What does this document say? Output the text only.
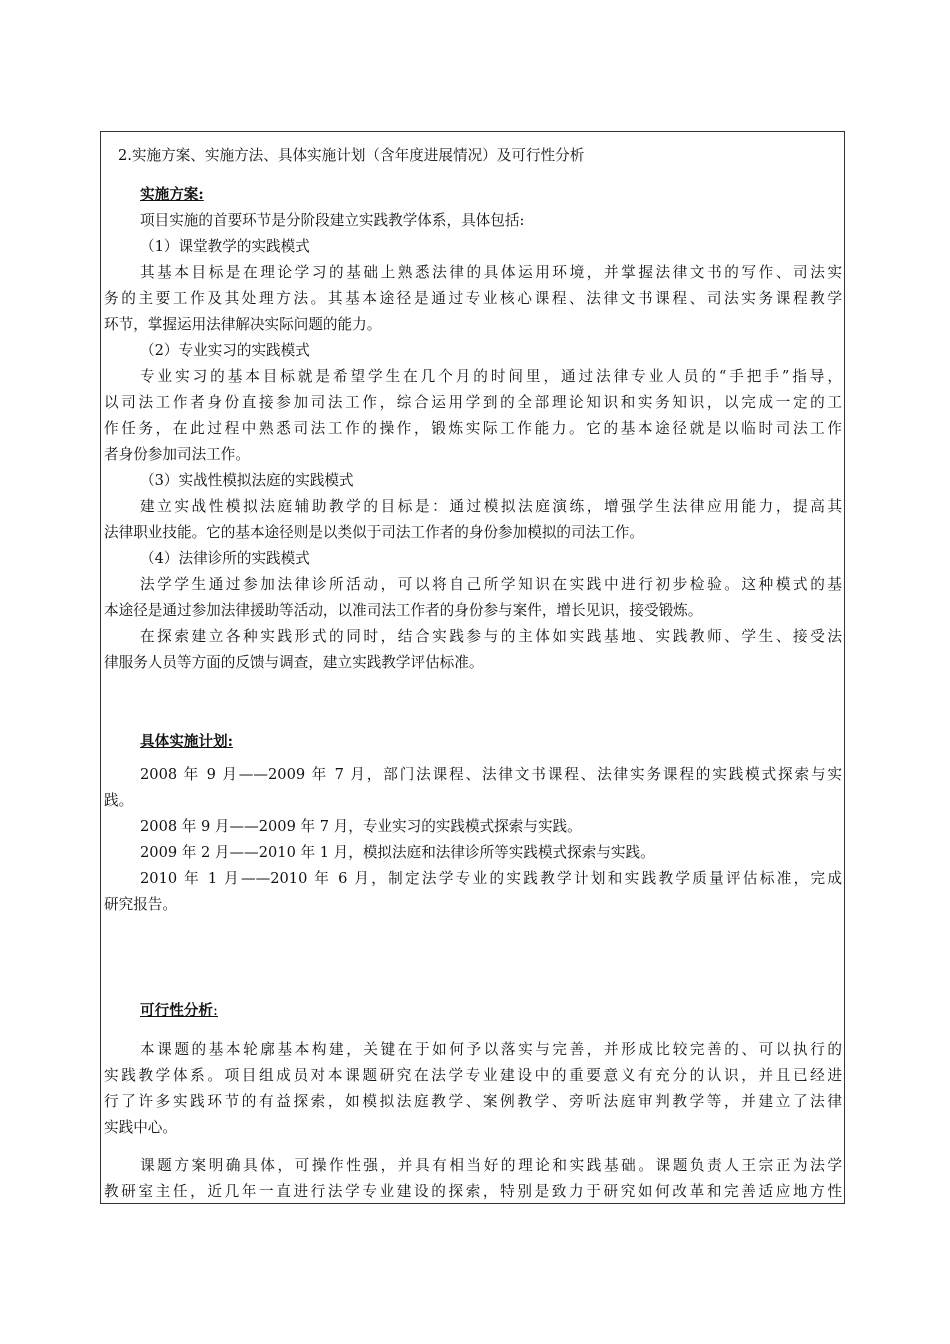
2.实施方案、实施方法、具体实施计划（含年度进展情况）及可行性分析
实施方案:
项目实施的首要环节是分阶段建立实践教学体系，具体包括:
（1）课堂教学的实践模式
其基本目标是在理论学习的基础上熟悉法律的具体运用环境，并掌握法律文书的写作、司法实
务的主要工作及其处理方法。其基本途径是通过专业核心课程、法律文书课程、司法实务课程教学
环节，掌握运用法律解决实际问题的能力。
（2）专业实习的实践模式
专业实习的基本目标就是希望学生在几个月的时间里，通过法律专业人员的“手把手”指导，
以司法工作者身份直接参加司法工作，综合运用学到的全部理论知识和实务知识，以完成一定的工
作任务，在此过程中熟悉司法工作的操作，锻炼实际工作能力。它的基本途径就是以临时司法工作
者身份参加司法工作。
（3）实战性模拟法庭的实践模式
建立实战性模拟法庭辅助教学的目标是：通过模拟法庭演练，增强学生法律应用能力，提高其
法律职业技能。它的基本途径则是以类似于司法工作者的身份参加模拟的司法工作。
（4）法律诊所的实践模式
法学学生通过参加法律诊所活动，可以将自己所学知识在实践中进行初步检验。这种模式的基
本途径是通过参加法律援助等活动，以准司法工作者的身份参与案件，增长见识，接受锻炼。
在探索建立各种实践形式的同时，结合实践参与的主体如实践基地、实践教师、学生、接受法
律服务人员等方面的反馈与调查，建立实践教学评估标准。
具体实施计划:
2008 年 9 月——2009 年 7 月，部门法课程、法律文书课程、法律实务课程的实践模式探索与实
践。
2008 年 9 月——2009 年 7 月，专业实习的实践模式探索与实践。
2009 年 2 月——2010 年 1 月，模拟法庭和法律诊所等实践模式探索与实践。
2010 年 1 月——2010 年 6 月，制定法学专业的实践教学计划和实践教学质量评估标准，完成
研究报告。
可行性分析:
本课题的基本轮廓基本构建，关键在于如何予以落实与完善，并形成比较完善的、可以执行的
实践教学体系。项目组成员对本课题研究在法学专业建设中的重要意义有充分的认识，并且已经进
行了许多实践环节的有益探索，如模拟法庭教学、案例教学、旁听法庭审判教学等，并建立了法律
实践中心。
课题方案明确具体，可操作性强，并具有相当好的理论和实践基础。课题负责人王宗正为法学
教研室主任，近几年一直进行法学专业建设的探索，特别是致力于研究如何改革和完善适应地方性
